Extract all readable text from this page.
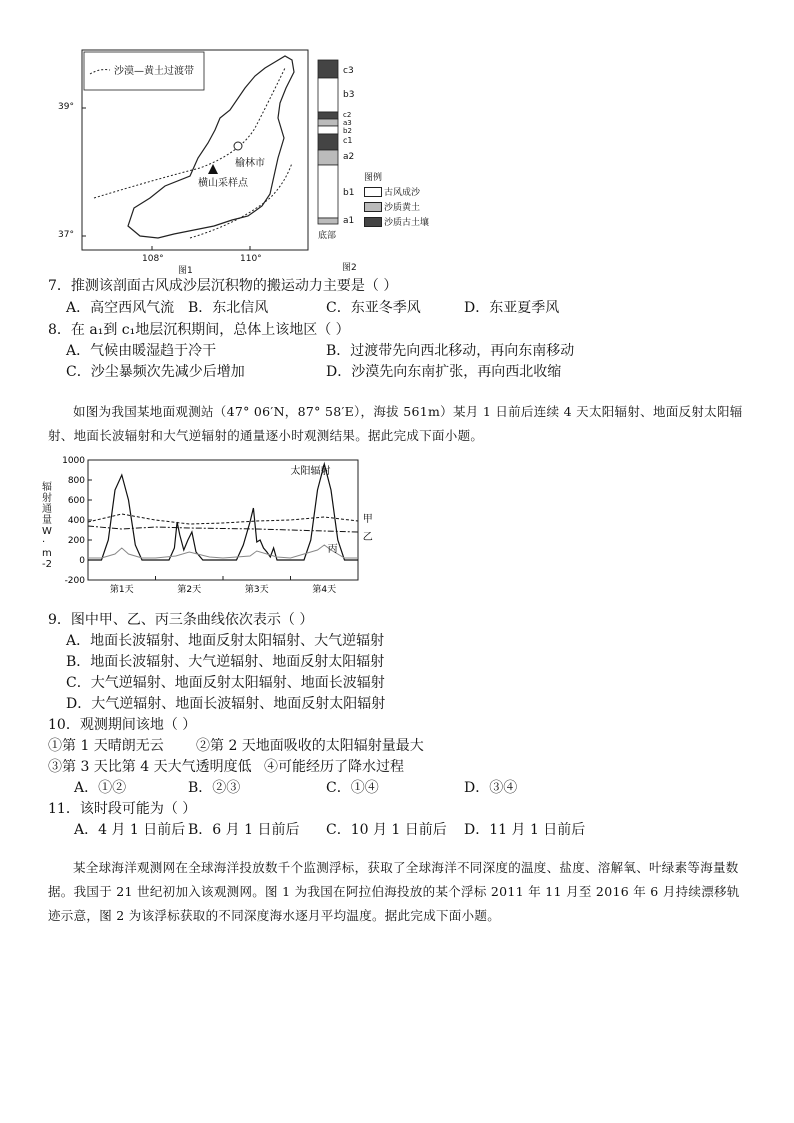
沙漠—黄土过渡带
39°
37°
108°	110°
榆林市
横山采样点
图1
c3
b3
c2
a3
b2
c1
a2
b1
a1
底部
图2
图例
古风成沙
沙质黄土
沙质古土壤
7．推测该剖面古风成沙层沉积物的搬运动力主要是（ ）
A．高空西风气流 B．东北信风	C．东亚冬季风	D．东亚夏季风
8．在 a₁到 c₁地层沉积期间，总体上该地区（ ）
A．气候由暖湿趋于冷干	B．过渡带先向西北移动，再向东南移动
C．沙尘暴频次先减少后增加	D．沙漠先向东南扩张，再向西北收缩
如图为我国某地面观测站（47° 06′N，87° 58′E），海拔 561m）某月 1 日前后连续 4 天太阳辐射、地面反射太阳辐射、地面长波辐射和大气逆辐射的通量逐小时观测结果。据此完成下面小题。
1000
800
600
400
200
0
-200
第1天	第2天	第3天	第4天
太阳辐射
甲
乙
丙
辐射通量W·m-2
9．图中甲、乙、丙三条曲线依次表示（ ）
A．地面长波辐射、地面反射太阳辐射、大气逆辐射
B．地面长波辐射、大气逆辐射、地面反射太阳辐射
C．大气逆辐射、地面反射太阳辐射、地面长波辐射
D．大气逆辐射、地面长波辐射、地面反射太阳辐射
10．观测期间该地（ ）
①第 1 天晴朗无云 ②第 2 天地面吸收的太阳辐射量最大
③第 3 天比第 4 天大气透明度低 ④可能经历了降水过程
A．①②	B．②③	C．①④	D．③④
11．该时段可能为（ ）
A．4 月 1 日前后 B．6 月 1 日前后 C．10 月 1 日前后 D．11 月 1 日前后
某全球海洋观测网在全球海洋投放数千个监测浮标，获取了全球海洋不同深度的温度、盐度、溶解氧、叶绿素等海量数据。我国于 21 世纪初加入该观测网。图 1 为我国在阿拉伯海投放的某个浮标 2011 年 11 月至 2016 年 6 月持续漂移轨迹示意，图 2 为该浮标获取的不同深度海水逐月平均温度。据此完成下面小题。
